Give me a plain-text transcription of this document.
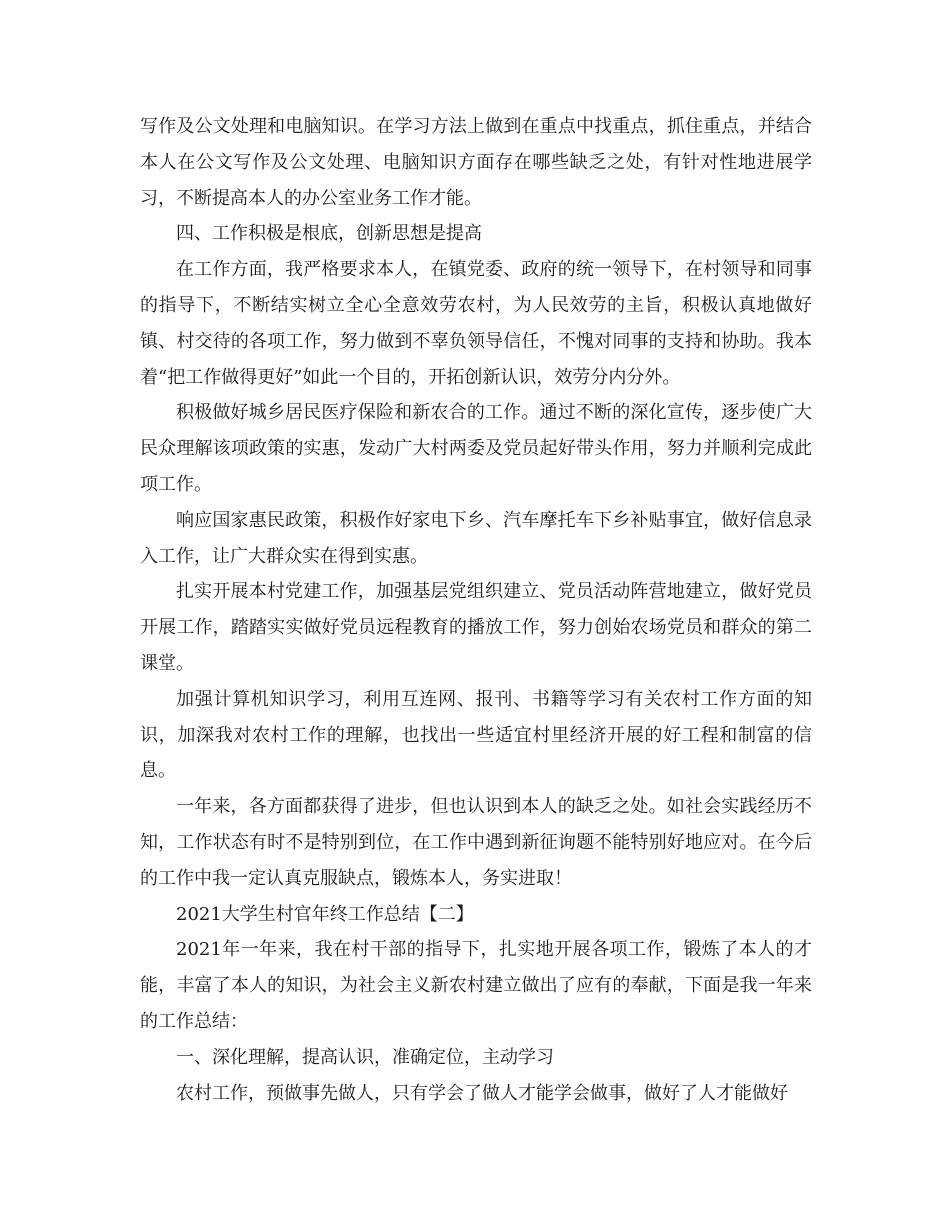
写作及公文处理和电脑知识。在学习方法上做到在重点中找重点，抓住重点，并结合本人在公文写作及公文处理、电脑知识方面存在哪些缺乏之处，有针对性地进展学习，不断提高本人的办公室业务工作才能。

四、工作积极是根底，创新思想是提高

在工作方面，我严格要求本人，在镇党委、政府的统一领导下，在村领导和同事的指导下，不断结实树立全心全意效劳农村，为人民效劳的主旨，积极认真地做好镇、村交待的各项工作，努力做到不辜负领导信任，不愧对同事的支持和协助。我本着“把工作做得更好”如此一个目的，开拓创新认识，效劳分内分外。

积极做好城乡居民医疗保险和新农合的工作。通过不断的深化宣传，逐步使广大民众理解该项政策的实惠，发动广大村两委及党员起好带头作用，努力并顺利完成此项工作。

响应国家惠民政策，积极作好家电下乡、汽车摩托车下乡补贴事宜，做好信息录入工作，让广大群众实在得到实惠。

扎实开展本村党建工作，加强基层党组织建立、党员活动阵营地建立，做好党员开展工作，踏踏实实做好党员远程教育的播放工作，努力创始农场党员和群众的第二课堂。

加强计算机知识学习，利用互连网、报刊、书籍等学习有关农村工作方面的知识，加深我对农村工作的理解，也找出一些适宜村里经济开展的好工程和制富的信息。

一年来，各方面都获得了进步，但也认识到本人的缺乏之处。如社会实践经历不知，工作状态有时不是特别到位，在工作中遇到新征询题不能特别好地应对。在今后的工作中我一定认真克服缺点，锻炼本人，务实进取！

2021大学生村官年终工作总结【二】

2021年一年来，我在村干部的指导下，扎实地开展各项工作，锻炼了本人的才能，丰富了本人的知识，为社会主义新农村建立做出了应有的奉献，下面是我一年来的工作总结：

一、深化理解，提高认识，准确定位，主动学习

农村工作，预做事先做人，只有学会了做人才能学会做事，做好了人才能做好
